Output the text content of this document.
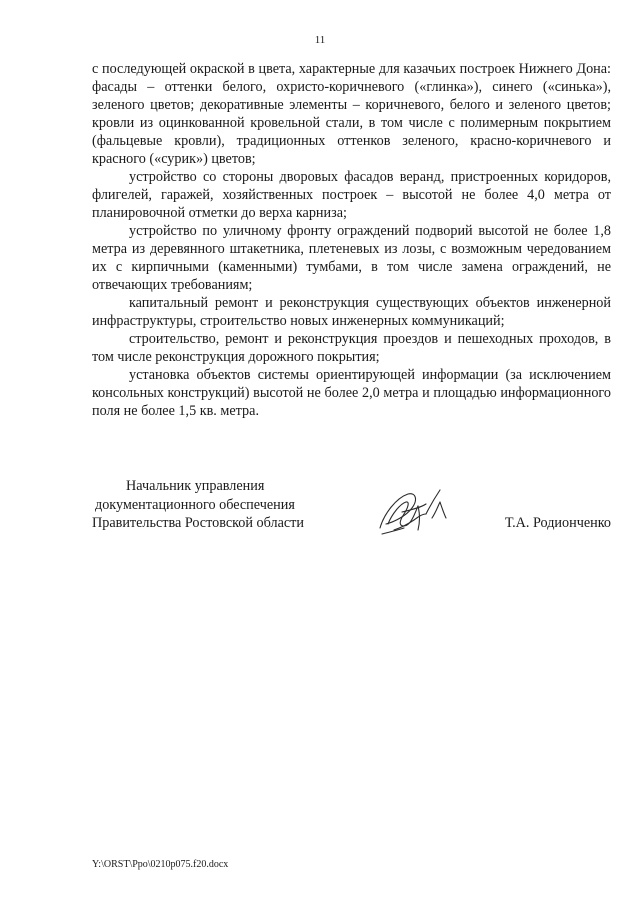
11

с последующей окраской в цвета, характерные для казачьих построек Нижнего Дона: фасады – оттенки белого, охристо-коричневого («глинка»), синего («синька»), зеленого цветов; декоративные элементы – коричневого, белого и зеленого цветов; кровли из оцинкованной кровельной стали, в том числе с полимерным покрытием (фальцевые кровли), традиционных оттенков зеленого, красно-коричневого и красного («сурик») цветов;

устройство со стороны дворовых фасадов веранд, пристроенных коридоров, флигелей, гаражей, хозяйственных построек – высотой не более 4,0 метра от планировочной отметки до верха карниза;

устройство по уличному фронту ограждений подворий высотой не более 1,8 метра из деревянного штакетника, плетеневых из лозы, с возможным чередованием их с кирпичными (каменными) тумбами, в том числе замена ограждений, не отвечающих требованиям;

капитальный ремонт и реконструкция существующих объектов инженерной инфраструктуры, строительство новых инженерных коммуникаций;

строительство, ремонт и реконструкция проездов и пешеходных проходов, в том числе реконструкция дорожного покрытия;

установка объектов системы ориентирующей информации (за исключением консольных конструкций) высотой не более 2,0 метра и площадью информационного поля не более 1,5 кв. метра.

Начальник управления
документационного обеспечения
Правительства Ростовской области	Т.А. Родионченко
Y:\ORST\Ppo\0210p075.f20.docx
